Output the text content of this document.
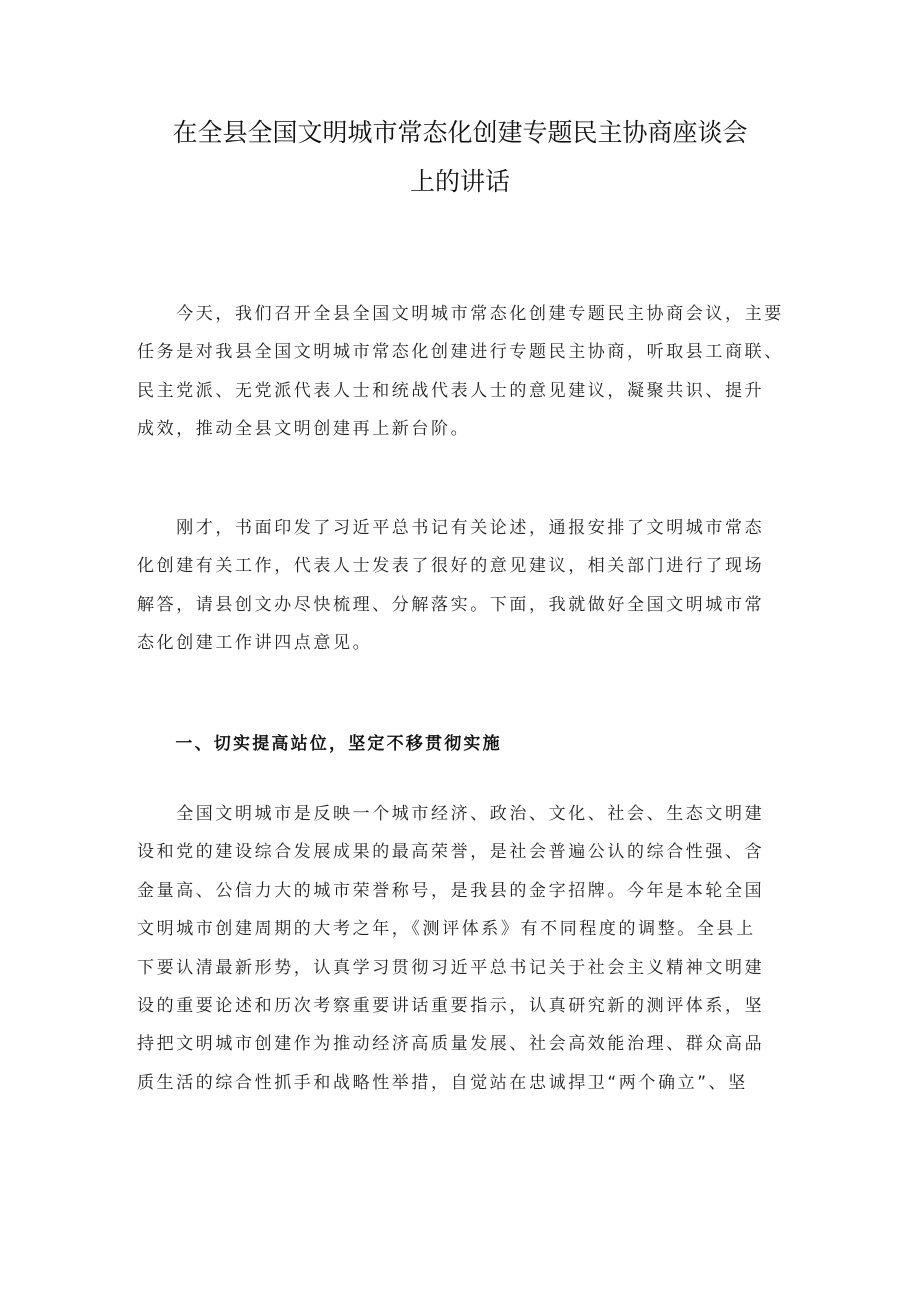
在全县全国文明城市常态化创建专题民主协商座谈会
上的讲话
　　今天，我们召开全县全国文明城市常态化创建专题民主协商会议，主要
任务是对我县全国文明城市常态化创建进行专题民主协商，听取县工商联、
民主党派、无党派代表人士和统战代表人士的意见建议，凝聚共识、提升
成效，推动全县文明创建再上新台阶。
　　刚才，书面印发了习近平总书记有关论述，通报安排了文明城市常态
化创建有关工作，代表人士发表了很好的意见建议，相关部门进行了现场
解答，请县创文办尽快梳理、分解落实。下面，我就做好全国文明城市常
态化创建工作讲四点意见。
　　一、切实提高站位，坚定不移贯彻实施
　　全国文明城市是反映一个城市经济、政治、文化、社会、生态文明建
设和党的建设综合发展成果的最高荣誉，是社会普遍公认的综合性强、含
金量高、公信力大的城市荣誉称号，是我县的金字招牌。今年是本轮全国
文明城市创建周期的大考之年，《测评体系》有不同程度的调整。全县上
下要认清最新形势，认真学习贯彻习近平总书记关于社会主义精神文明建
设的重要论述和历次考察重要讲话重要指示，认真研究新的测评体系，坚
持把文明城市创建作为推动经济高质量发展、社会高效能治理、群众高品
质生活的综合性抓手和战略性举措，自觉站在忠诚捍卫“两个确立”、坚
